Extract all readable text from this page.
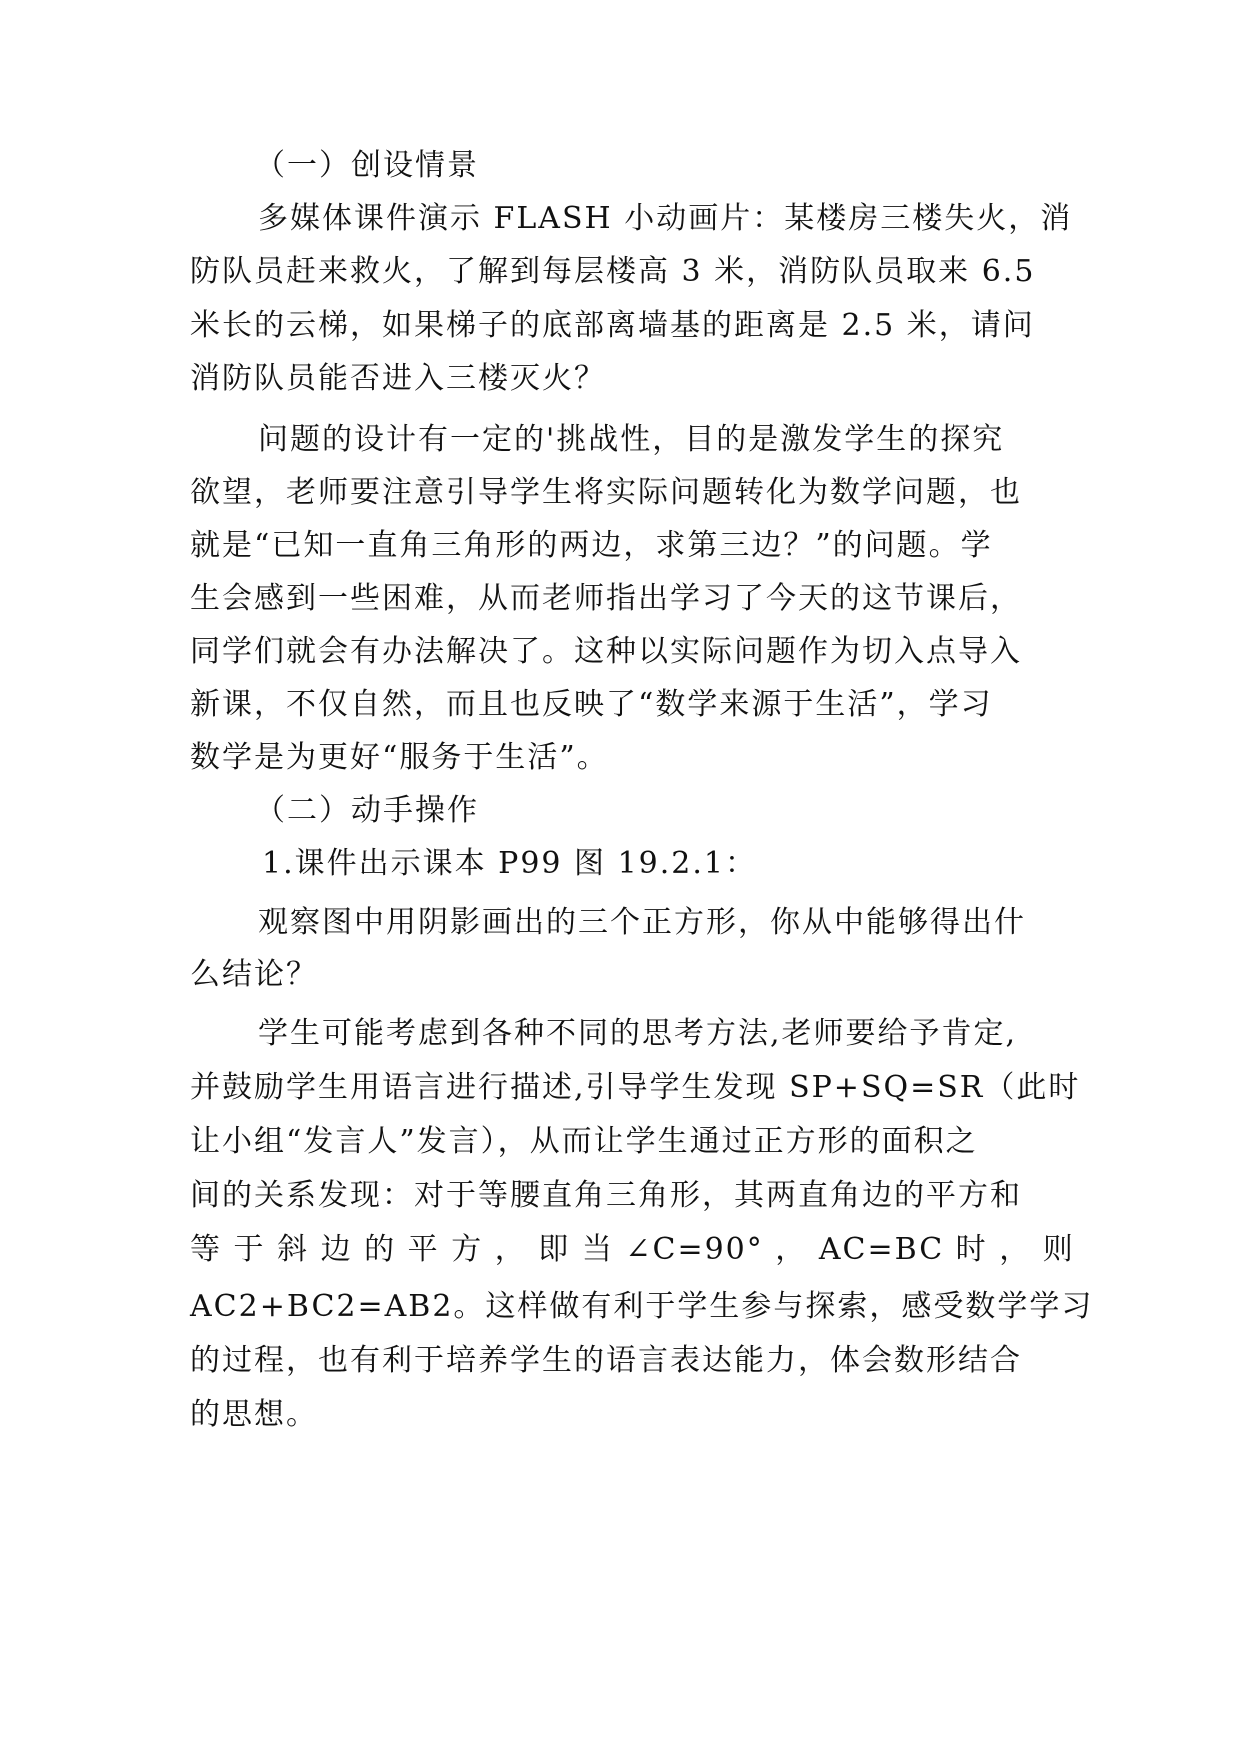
（一）创设情景
多媒体课件演示 FLASH 小动画片：某楼房三楼失火，消
防队员赶来救火，了解到每层楼高 3 米，消防队员取来 6.5
米长的云梯，如果梯子的底部离墙基的距离是 2.5 米，请问
消防队员能否进入三楼灭火？
问题的设计有一定的'挑战性，目的是激发学生的探究
欲望，老师要注意引导学生将实际问题转化为数学问题，也
就是“已知一直角三角形的两边，求第三边？”的问题。学
生会感到一些困难，从而老师指出学习了今天的这节课后，
同学们就会有办法解决了。这种以实际问题作为切入点导入
新课，不仅自然，而且也反映了“数学来源于生活”，学习
数学是为更好“服务于生活”。
（二）动手操作
1.课件出示课本 P99 图 19.2.1：
观察图中用阴影画出的三个正方形，你从中能够得出什
么结论？
学生可能考虑到各种不同的思考方法,老师要给予肯定,
并鼓励学生用语言进行描述,引导学生发现 SP+SQ=SR（此时
让小组“发言人”发言），从而让学生通过正方形的面积之
间的关系发现：对于等腰直角三角形，其两直角边的平方和
等 于 斜 边 的 平 方 ， 即 当 ∠C=90° ， AC=BC 时 ， 则
AC2+BC2=AB2。这样做有利于学生参与探索，感受数学学习
的过程，也有利于培养学生的语言表达能力，体会数形结合
的思想。
